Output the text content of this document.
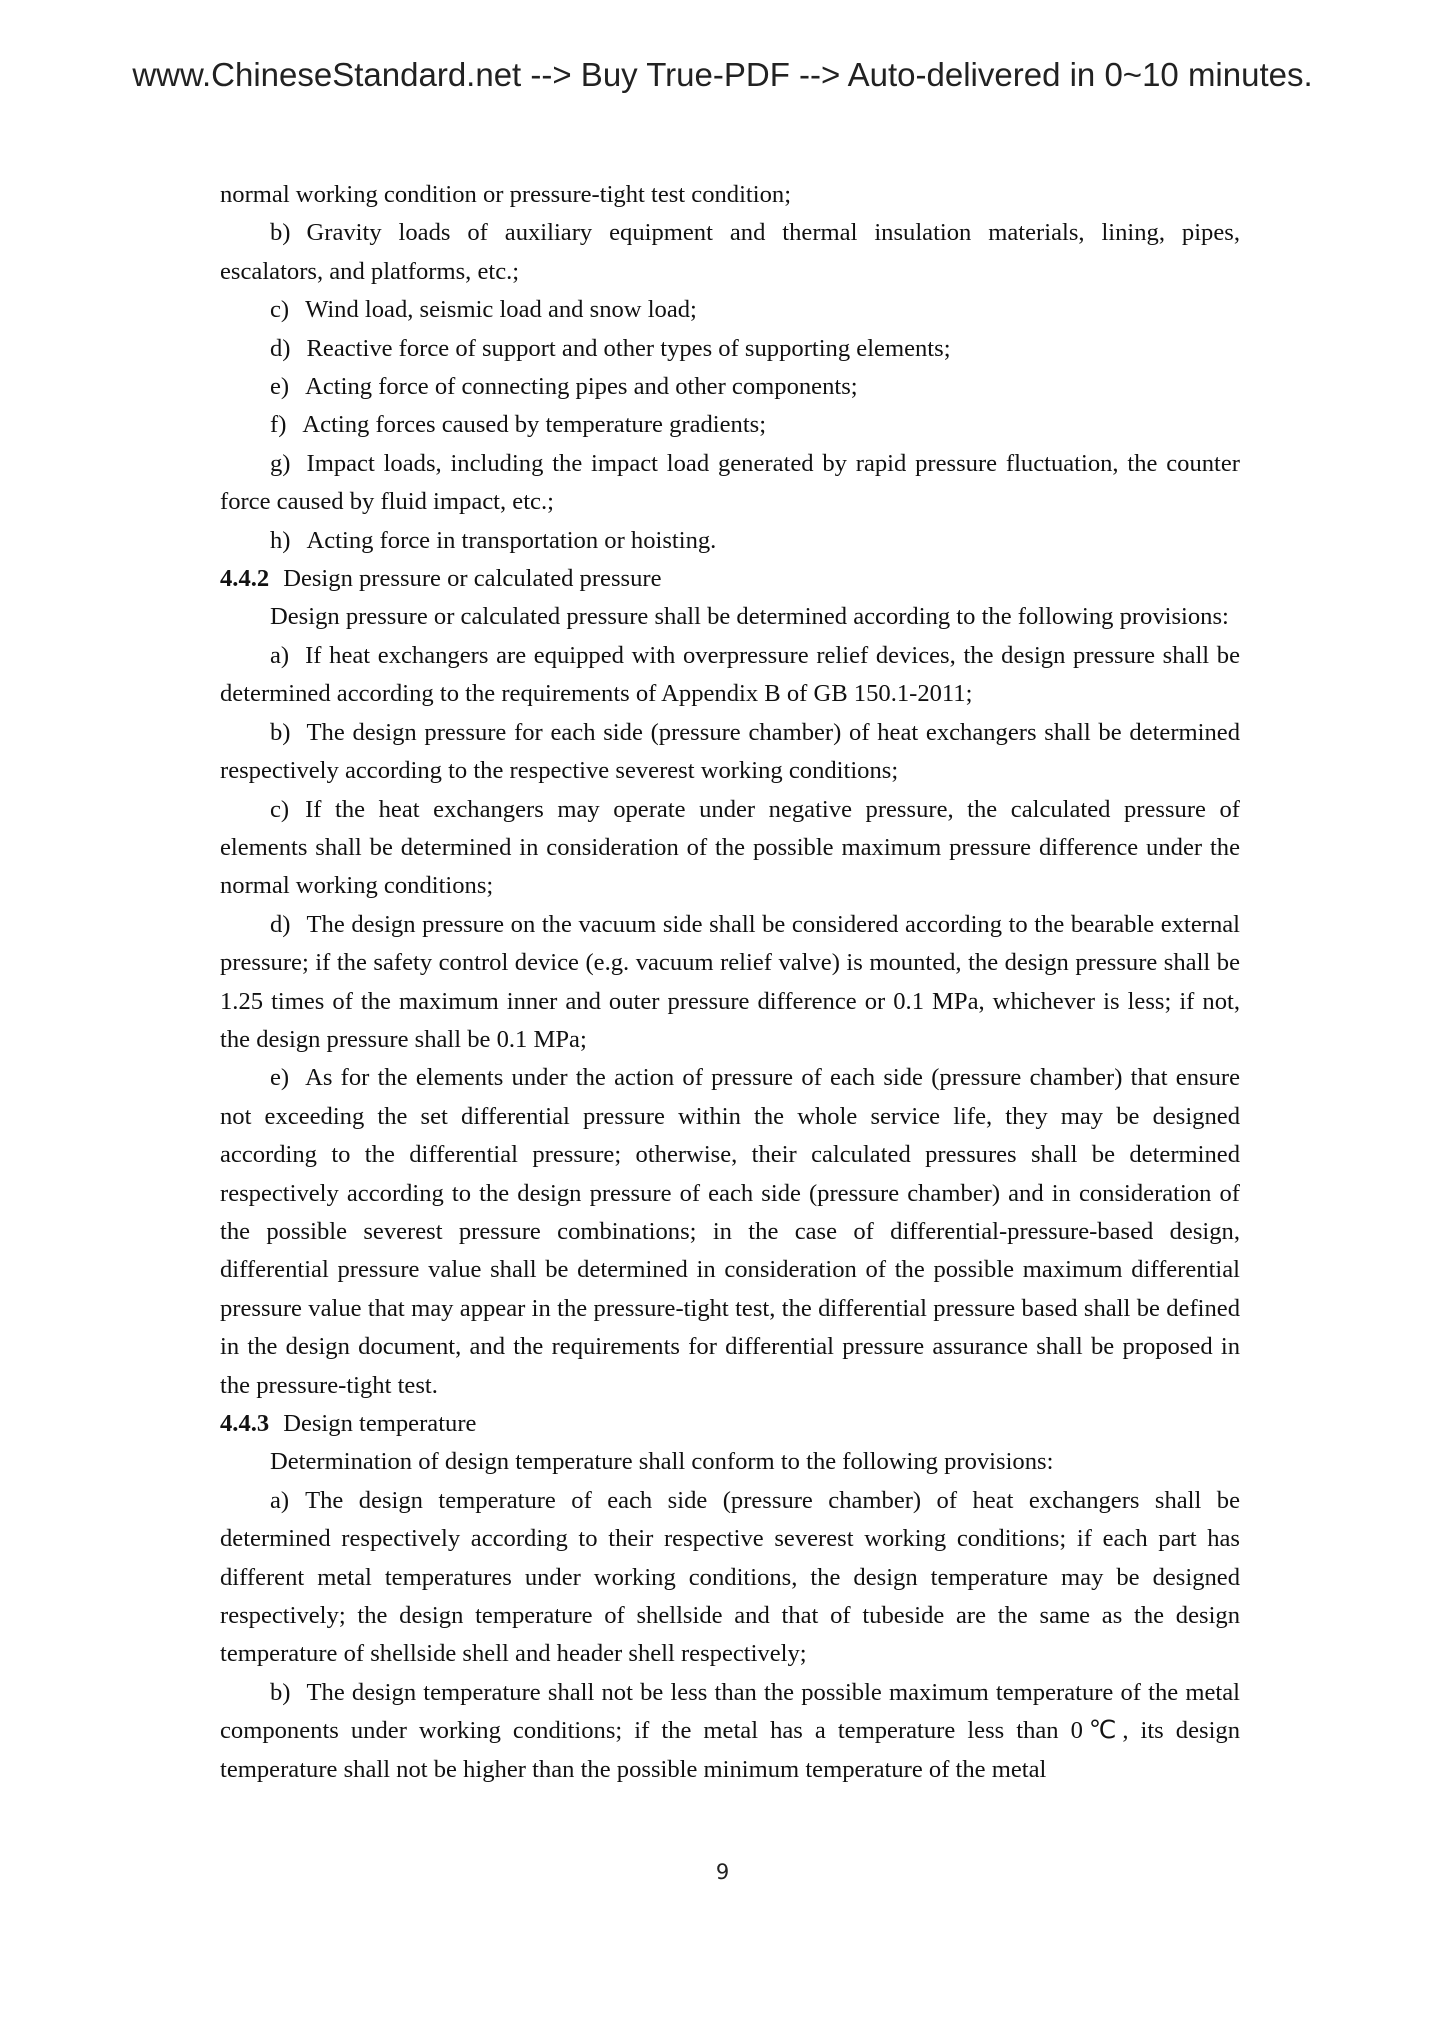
www.ChineseStandard.net --> Buy True-PDF --> Auto-delivered in 0~10 minutes.

normal working condition or pressure-tight test condition;

b) Gravity loads of auxiliary equipment and thermal insulation materials, lining, pipes, escalators, and platforms, etc.;

c) Wind load, seismic load and snow load;

d) Reactive force of support and other types of supporting elements;

e) Acting force of connecting pipes and other components;

f) Acting forces caused by temperature gradients;

g) Impact loads, including the impact load generated by rapid pressure fluctuation, the counter force caused by fluid impact, etc.;

h) Acting force in transportation or hoisting.

4.4.2 Design pressure or calculated pressure

Design pressure or calculated pressure shall be determined according to the following provisions:

a) If heat exchangers are equipped with overpressure relief devices, the design pressure shall be determined according to the requirements of Appendix B of GB 150.1-2011;

b) The design pressure for each side (pressure chamber) of heat exchangers shall be determined respectively according to the respective severest working conditions;

c) If the heat exchangers may operate under negative pressure, the calculated pressure of elements shall be determined in consideration of the possible maximum pressure difference under the normal working conditions;

d) The design pressure on the vacuum side shall be considered according to the bearable external pressure; if the safety control device (e.g. vacuum relief valve) is mounted, the design pressure shall be 1.25 times of the maximum inner and outer pressure difference or 0.1 MPa, whichever is less; if not, the design pressure shall be 0.1 MPa;

e) As for the elements under the action of pressure of each side (pressure chamber) that ensure not exceeding the set differential pressure within the whole service life, they may be designed according to the differential pressure; otherwise, their calculated pressures shall be determined respectively according to the design pressure of each side (pressure chamber) and in consideration of the possible severest pressure combinations; in the case of differential-pressure-based design, differential pressure value shall be determined in consideration of the possible maximum differential pressure value that may appear in the pressure-tight test, the differential pressure based shall be defined in the design document, and the requirements for differential pressure assurance shall be proposed in the pressure-tight test.

4.4.3 Design temperature

Determination of design temperature shall conform to the following provisions:

a) The design temperature of each side (pressure chamber) of heat exchangers shall be determined respectively according to their respective severest working conditions; if each part has different metal temperatures under working conditions, the design temperature may be designed respectively; the design temperature of shellside and that of tubeside are the same as the design temperature of shellside shell and header shell respectively;

b) The design temperature shall not be less than the possible maximum temperature of the metal components under working conditions; if the metal has a temperature less than 0℃, its design temperature shall not be higher than the possible minimum temperature of the metal

9
